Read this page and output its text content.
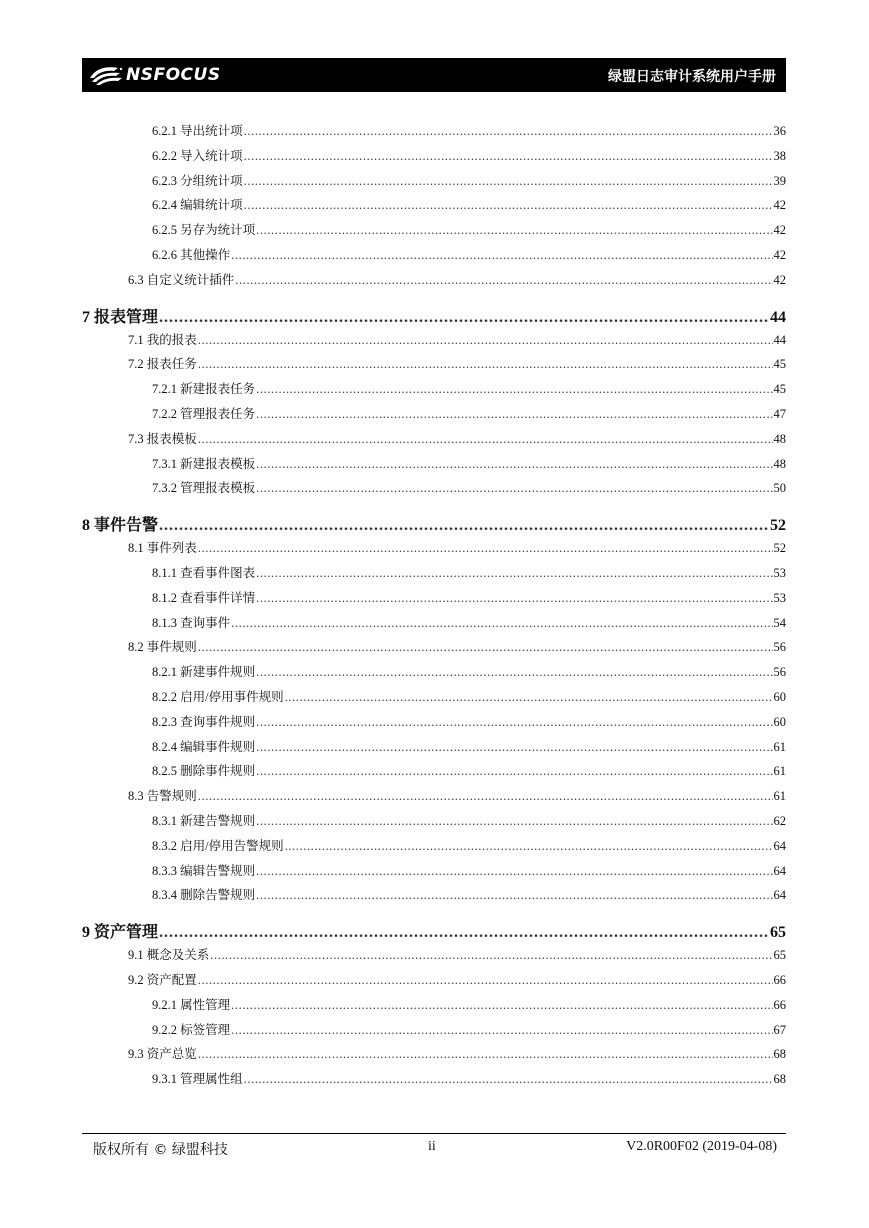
NSFOCUS	绿盟日志审计系统用户手册
6.2.1 导出统计项 .....	36
6.2.2 导入统计项 .....	38
6.2.3 分组统计项 .....	39
6.2.4 编辑统计项 .....	42
6.2.5 另存为统计项 .....	42
6.2.6 其他操作 .....	42
6.3 自定义统计插件 .....	42
7 报表管理 .....	44
7.1 我的报表 .....	44
7.2 报表任务 .....	45
7.2.1 新建报表任务 .....	45
7.2.2 管理报表任务 .....	47
7.3 报表模板 .....	48
7.3.1 新建报表模板 .....	48
7.3.2 管理报表模板 .....	50
8 事件告警 .....	52
8.1 事件列表 .....	52
8.1.1 查看事件图表 .....	53
8.1.2 查看事件详情 .....	53
8.1.3 查询事件 .....	54
8.2 事件规则 .....	56
8.2.1 新建事件规则 .....	56
8.2.2 启用/停用事件规则 .....	60
8.2.3 查询事件规则 .....	60
8.2.4 编辑事件规则 .....	61
8.2.5 删除事件规则 .....	61
8.3 告警规则 .....	61
8.3.1 新建告警规则 .....	62
8.3.2 启用/停用告警规则 .....	64
8.3.3 编辑告警规则 .....	64
8.3.4 删除告警规则 .....	64
9 资产管理 .....	65
9.1 概念及关系 .....	65
9.2 资产配置 .....	66
9.2.1 属性管理 .....	66
9.2.2 标签管理 .....	67
9.3 资产总览 .....	68
9.3.1 管理属性组 .....	68
版权所有 © 绿盟科技	ii	V2.0R00F02 (2019-04-08)
